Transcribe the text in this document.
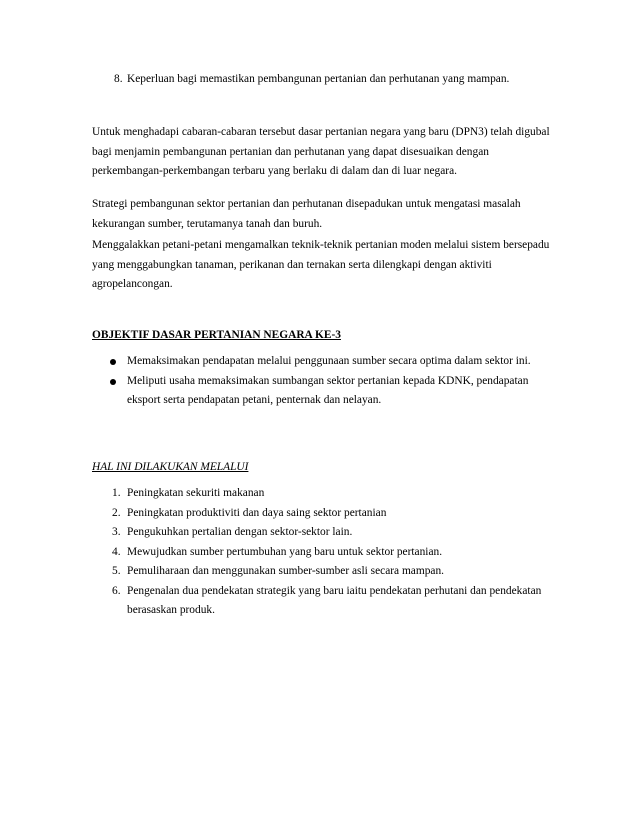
8. Keperluan bagi memastikan pembangunan pertanian dan perhutanan yang mampan.

Untuk menghadapi cabaran-cabaran tersebut dasar pertanian negara yang baru (DPN3) telah digubal bagi menjamin pembangunan pertanian dan perhutanan yang dapat disesuaikan dengan perkembangan-perkembangan terbaru yang berlaku di dalam dan di luar negara.

Strategi pembangunan sektor pertanian dan perhutanan disepadukan untuk mengatasi masalah kekurangan sumber, terutamanya tanah dan buruh.

Menggalakkan petani-petani mengamalkan teknik-teknik pertanian moden melalui sistem bersepadu yang menggabungkan tanaman, perikanan dan ternakan serta dilengkapi dengan aktiviti agropelancongan.

OBJEKTIF DASAR PERTANIAN NEGARA KE-3

Memaksimakan pendapatan melalui penggunaan sumber secara optima dalam sektor ini.

Meliputi usaha memaksimakan sumbangan sektor pertanian kepada KDNK, pendapatan eksport serta pendapatan petani, penternak dan nelayan.

HAL INI DILAKUKAN MELALUI

1. Peningkatan sekuriti makanan

2. Peningkatan produktiviti dan daya saing sektor pertanian

3. Pengukuhkan pertalian dengan sektor-sektor lain.

4. Mewujudkan sumber pertumbuhan yang baru untuk sektor pertanian.

5. Pemuliharaan dan menggunakan sumber-sumber asli secara mampan.

6. Pengenalan dua pendekatan strategik yang baru iaitu pendekatan perhutani dan pendekatan berasaskan produk.
